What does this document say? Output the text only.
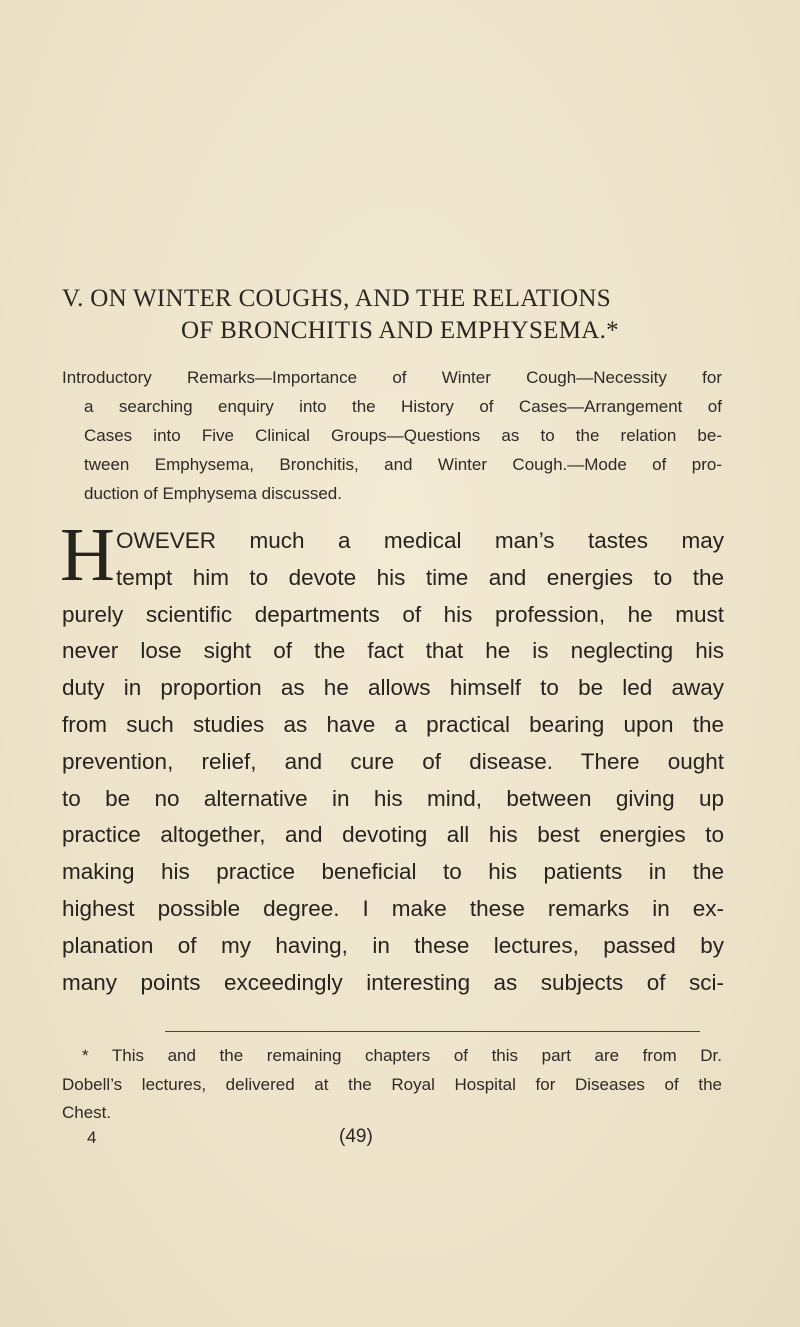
V. ON WINTER COUGHS, AND THE RELATIONS
OF BRONCHITIS AND EMPHYSEMA.*
Introductory Remarks—Importance of Winter Cough—Necessity for
a searching enquiry into the History of Cases—Arrangement of
Cases into Five Clinical Groups—Questions as to the relation be-
tween Emphysema, Bronchitis, and Winter Cough.—Mode of pro-
duction of Emphysema discussed.
H OWEVER much a medical man’s tastes may
tempt him to devote his time and energies to the
purely scientific departments of his profession, he must
never lose sight of the fact that he is neglecting his
duty in proportion as he allows himself to be led away
from such studies as have a practical bearing upon the
prevention, relief, and cure of disease. There ought
to be no alternative in his mind, between giving up
practice altogether, and devoting all his best energies to
making his practice beneficial to his patients in the
highest possible degree. I make these remarks in ex-
planation of my having, in these lectures, passed by
many points exceedingly interesting as subjects of sci-
* This and the remaining chapters of this part are from Dr.
Dobell’s lectures, delivered at the Royal Hospital for Diseases of the
Chest.
4	(49)
